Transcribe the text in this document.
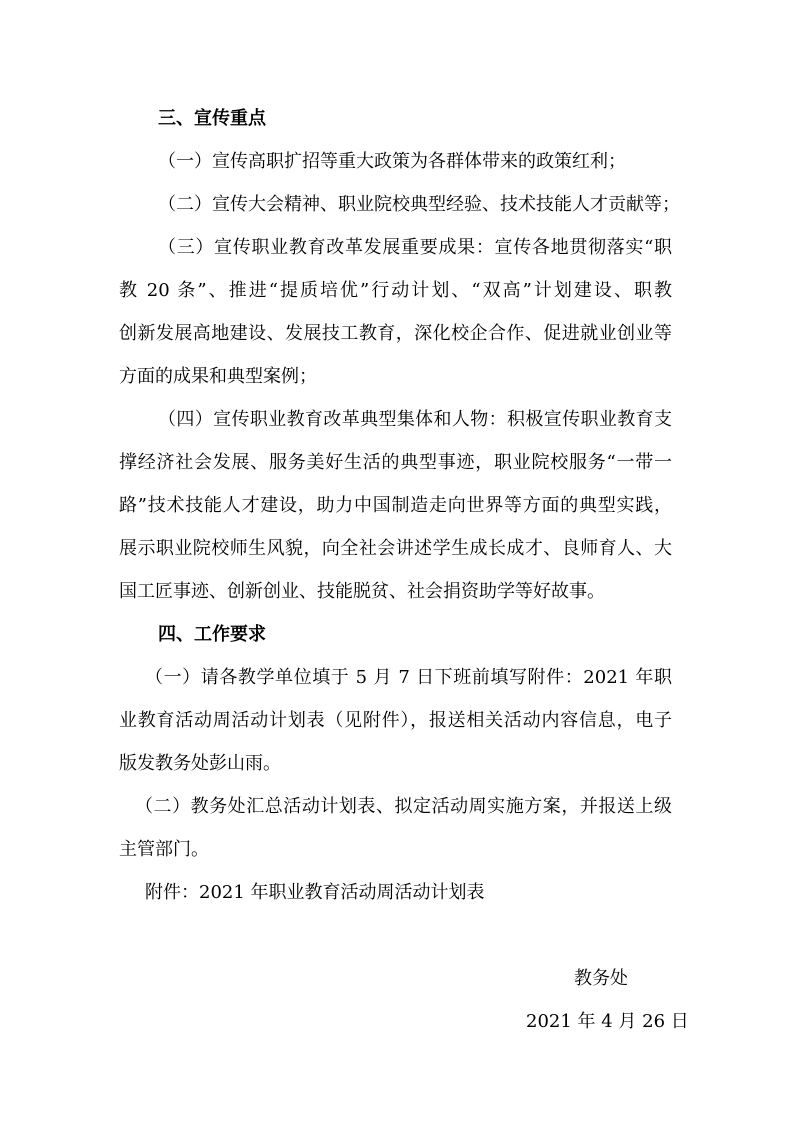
三、宣传重点
（一）宣传高职扩招等重大政策为各群体带来的政策红利；
（二）宣传大会精神、职业院校典型经验、技术技能人才贡献等；
（三）宣传职业教育改革发展重要成果：宣传各地贯彻落实“职
教 20 条”、推进“提质培优”行动计划、“双高”计划建设、职教
创新发展高地建设、发展技工教育，深化校企合作、促进就业创业等
方面的成果和典型案例；
（四）宣传职业教育改革典型集体和人物：积极宣传职业教育支
撑经济社会发展、服务美好生活的典型事迹，职业院校服务“一带一
路”技术技能人才建设，助力中国制造走向世界等方面的典型实践，
展示职业院校师生风貌，向全社会讲述学生成长成才、良师育人、大
国工匠事迹、创新创业、技能脱贫、社会捐资助学等好故事。
四、工作要求
（一）请各教学单位填于 5 月 7 日下班前填写附件：2021 年职
业教育活动周活动计划表（见附件），报送相关活动内容信息，电子
版发教务处彭山雨。
（二）教务处汇总活动计划表、拟定活动周实施方案，并报送上级
主管部门。
附件：2021 年职业教育活动周活动计划表
教务处
2021 年 4 月 26 日
